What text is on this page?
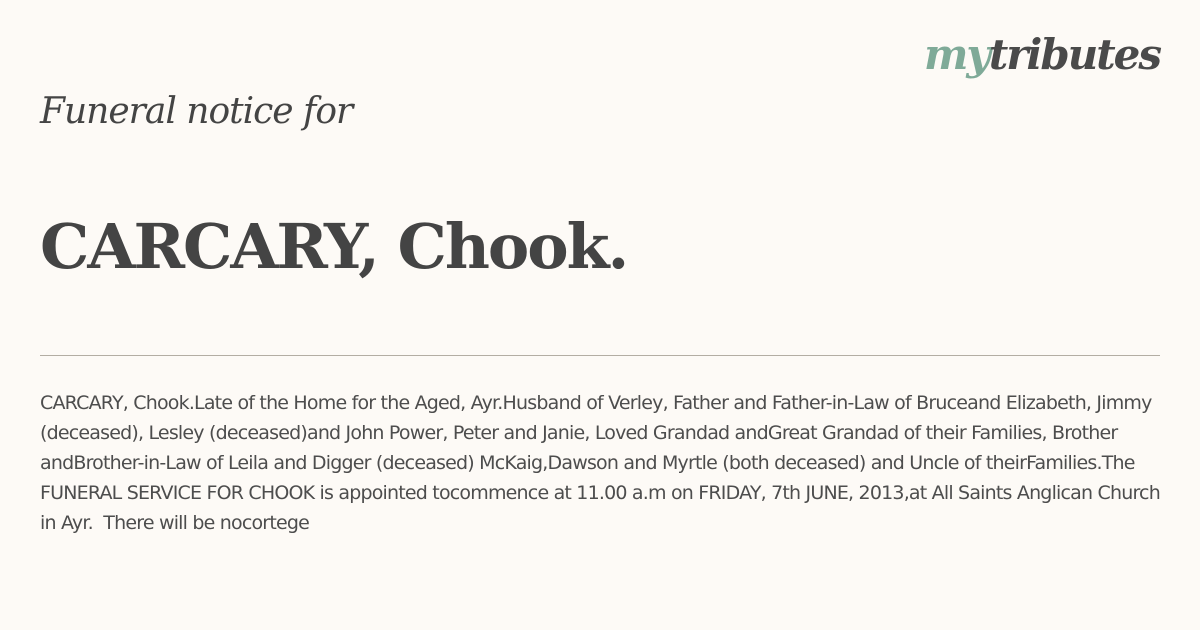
mytributes
Funeral notice for
CARCARY, Chook.

CARCARY, Chook.Late of the Home for the Aged, Ayr.Husband of Verley, Father and Father-in-Law of Bruceand Elizabeth, Jimmy (deceased), Lesley (deceased)and John Power, Peter and Janie, Loved Grandad andGreat Grandad of their Families, Brother andBrother-in-Law of Leila and Digger (deceased) McKaig,Dawson and Myrtle (both deceased) and Uncle of theirFamilies.The FUNERAL SERVICE FOR CHOOK is appointed tocommence at 11.00 a.m on FRIDAY, 7th JUNE, 2013,at All Saints Anglican Church in Ayr.  There will be nocortege
